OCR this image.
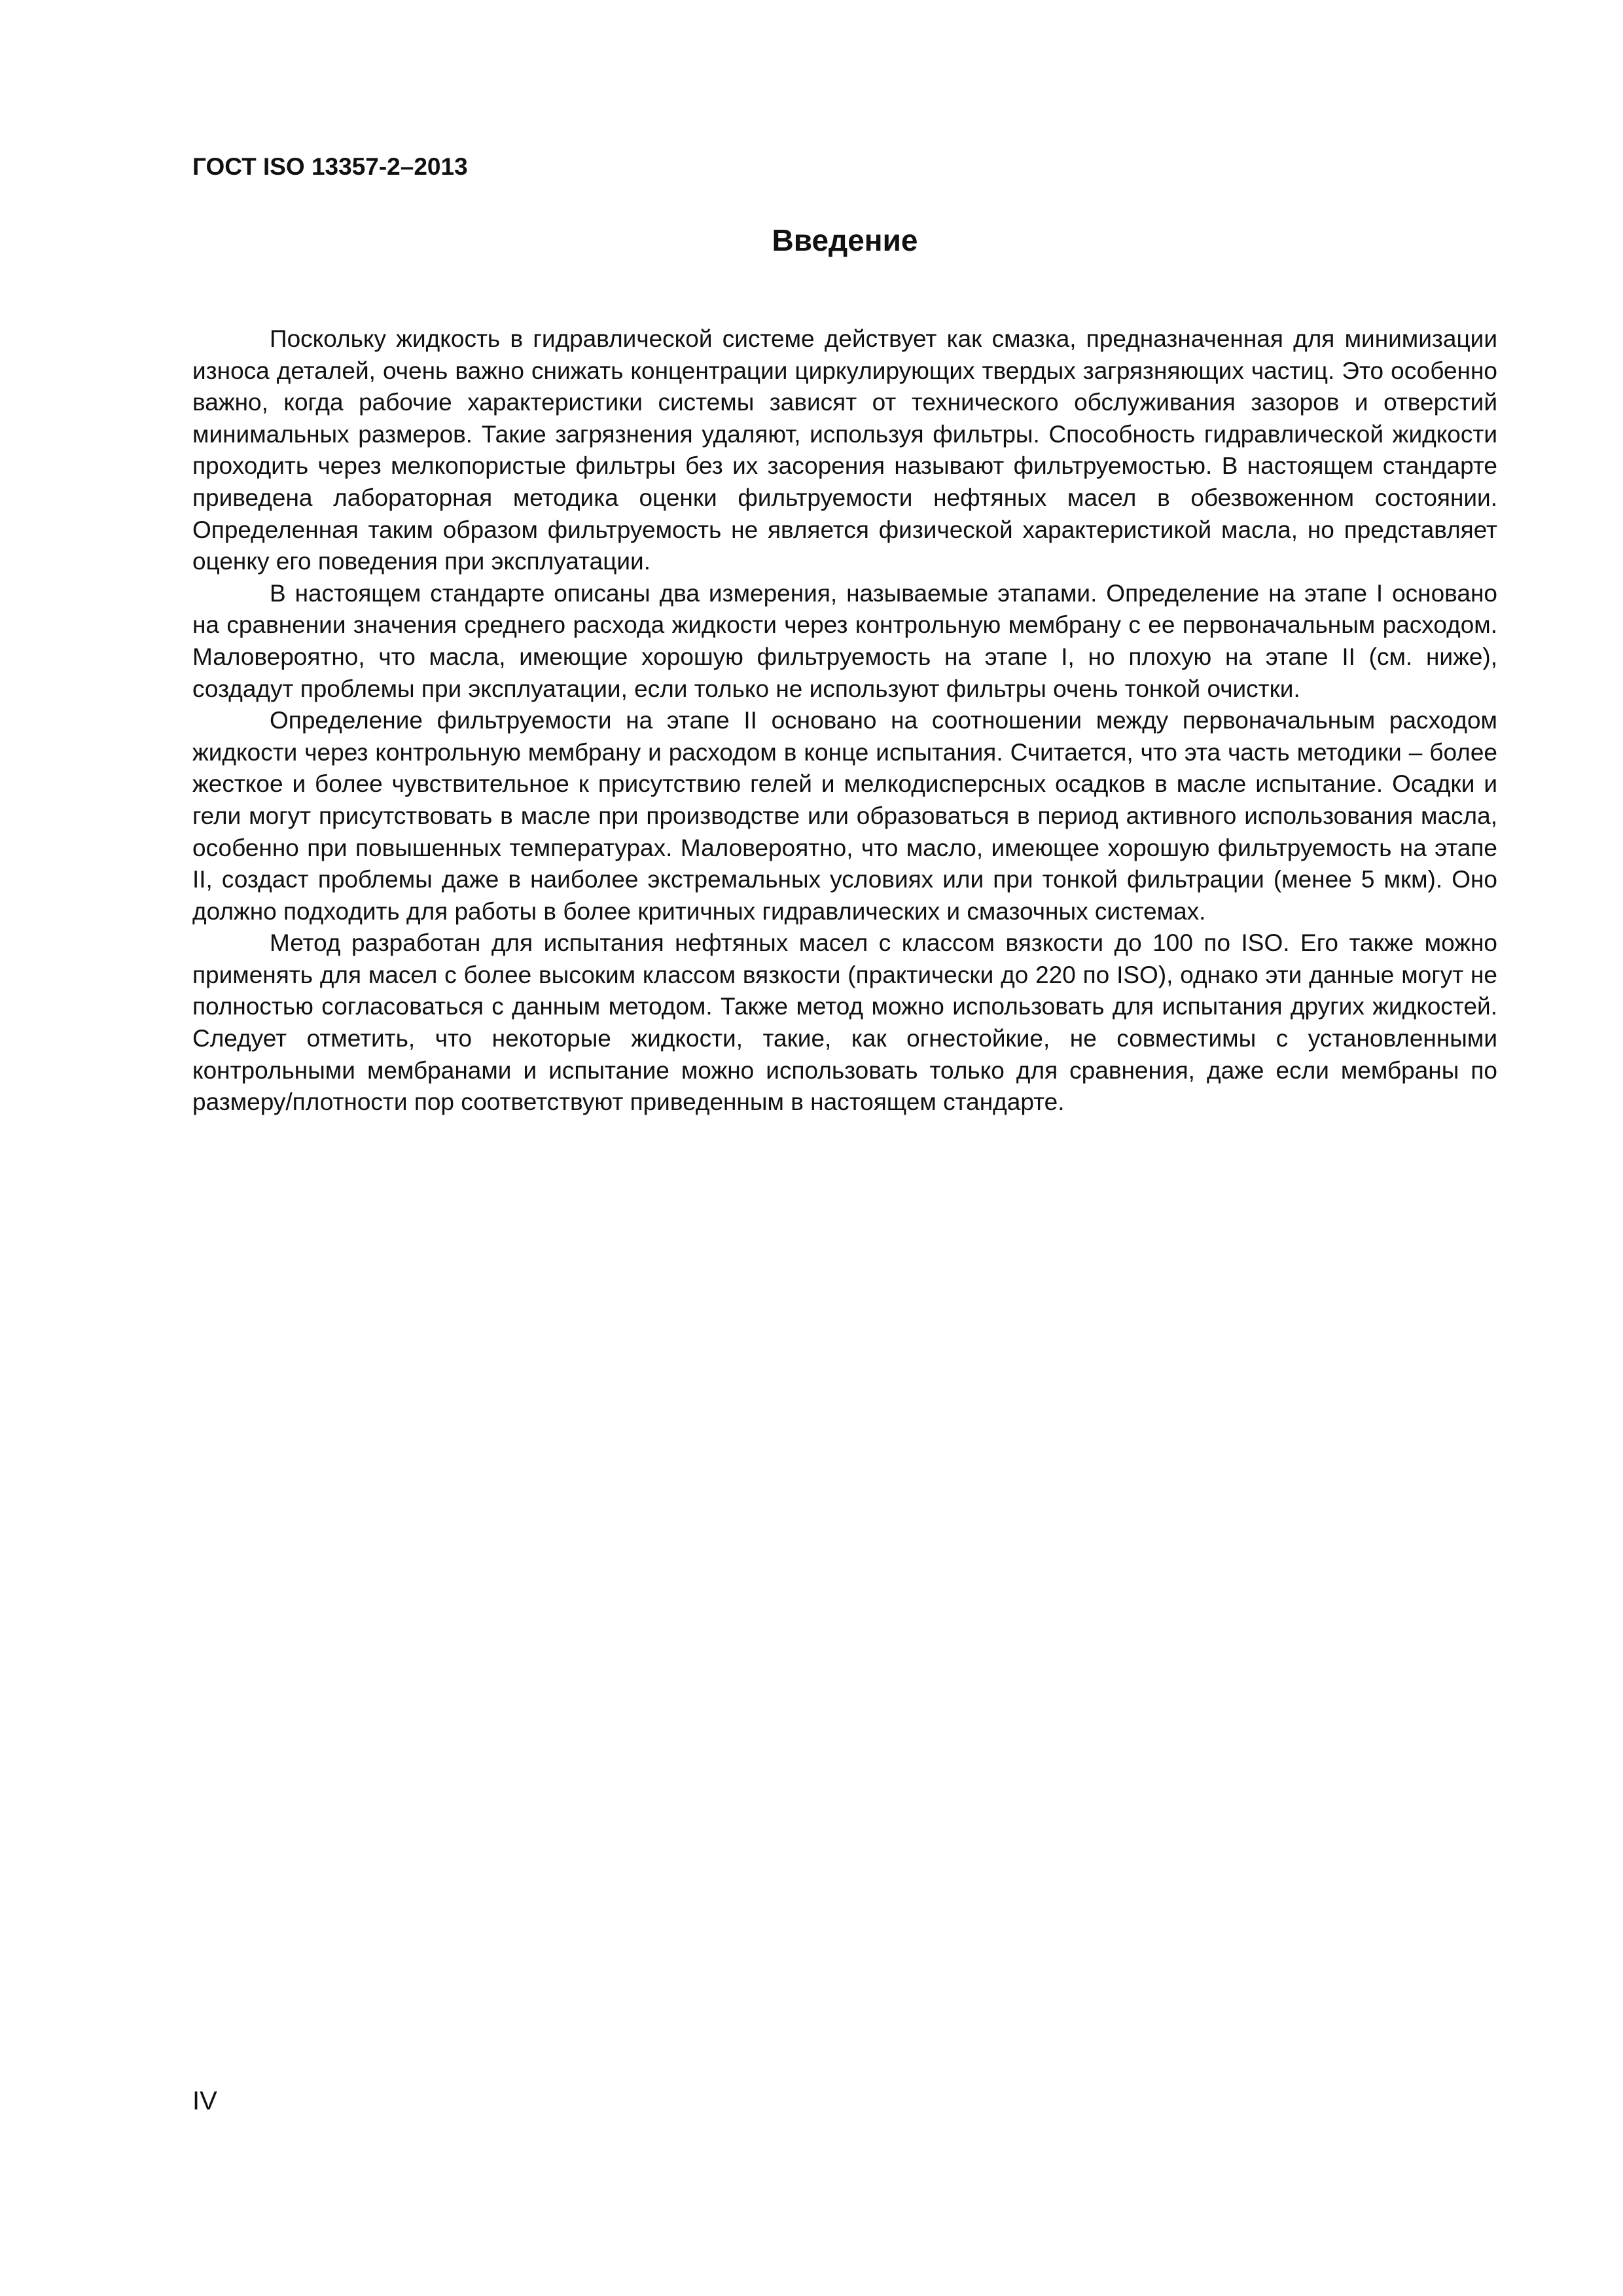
ГОСТ ISO 13357-2–2013
Введение

Поскольку жидкость в гидравлической системе действует как смазка, предназначенная для минимизации износа деталей, очень важно снижать концентрации циркулирующих твердых загрязняющих частиц. Это особенно важно, когда рабочие характеристики системы зависят от технического обслуживания зазоров и отверстий минимальных размеров. Такие загрязнения удаляют, используя фильтры. Способность гидравлической жидкости проходить через мелкопористые фильтры без их засорения называют фильтруемостью. В настоящем стандарте приведена лабораторная методика оценки фильтруемости нефтяных масел в обезвоженном состоянии. Определенная таким образом фильтруемость не является физической характеристикой масла, но представляет оценку его поведения при эксплуатации.

В настоящем стандарте описаны два измерения, называемые этапами. Определение на этапе I основано на сравнении значения среднего расхода жидкости через контрольную мембрану с ее первоначальным расходом. Маловероятно, что масла, имеющие хорошую фильтруемость на этапе I, но плохую на этапе II (см. ниже), создадут проблемы при эксплуатации, если только не используют фильтры очень тонкой очистки.

Определение фильтруемости на этапе II основано на соотношении между первоначальным расходом жидкости через контрольную мембрану и расходом в конце испытания. Считается, что эта часть методики – более жесткое и более чувствительное к присутствию гелей и мелкодисперсных осадков в масле испытание. Осадки и гели могут присутствовать в масле при производстве или образоваться в период активного использования масла, особенно при повышенных температурах. Маловероятно, что масло, имеющее хорошую фильтруемость на этапе II, создаст проблемы даже в наиболее экстремальных условиях или при тонкой фильтрации (менее 5 мкм). Оно должно подходить для работы в более критичных гидравлических и смазочных системах.

Метод разработан для испытания нефтяных масел с классом вязкости до 100 по ISO. Его также можно применять для масел с более высоким классом вязкости (практически до 220 по ISO), однако эти данные могут не полностью согласоваться с данным методом. Также метод можно использовать для испытания других жидкостей. Следует отметить, что некоторые жидкости, такие, как огнестойкие, не совместимы с установленными контрольными мембранами и испытание можно использовать только для сравнения, даже если мембраны по размеру/плотности пор соответствуют приведенным в настоящем стандарте.

IV
